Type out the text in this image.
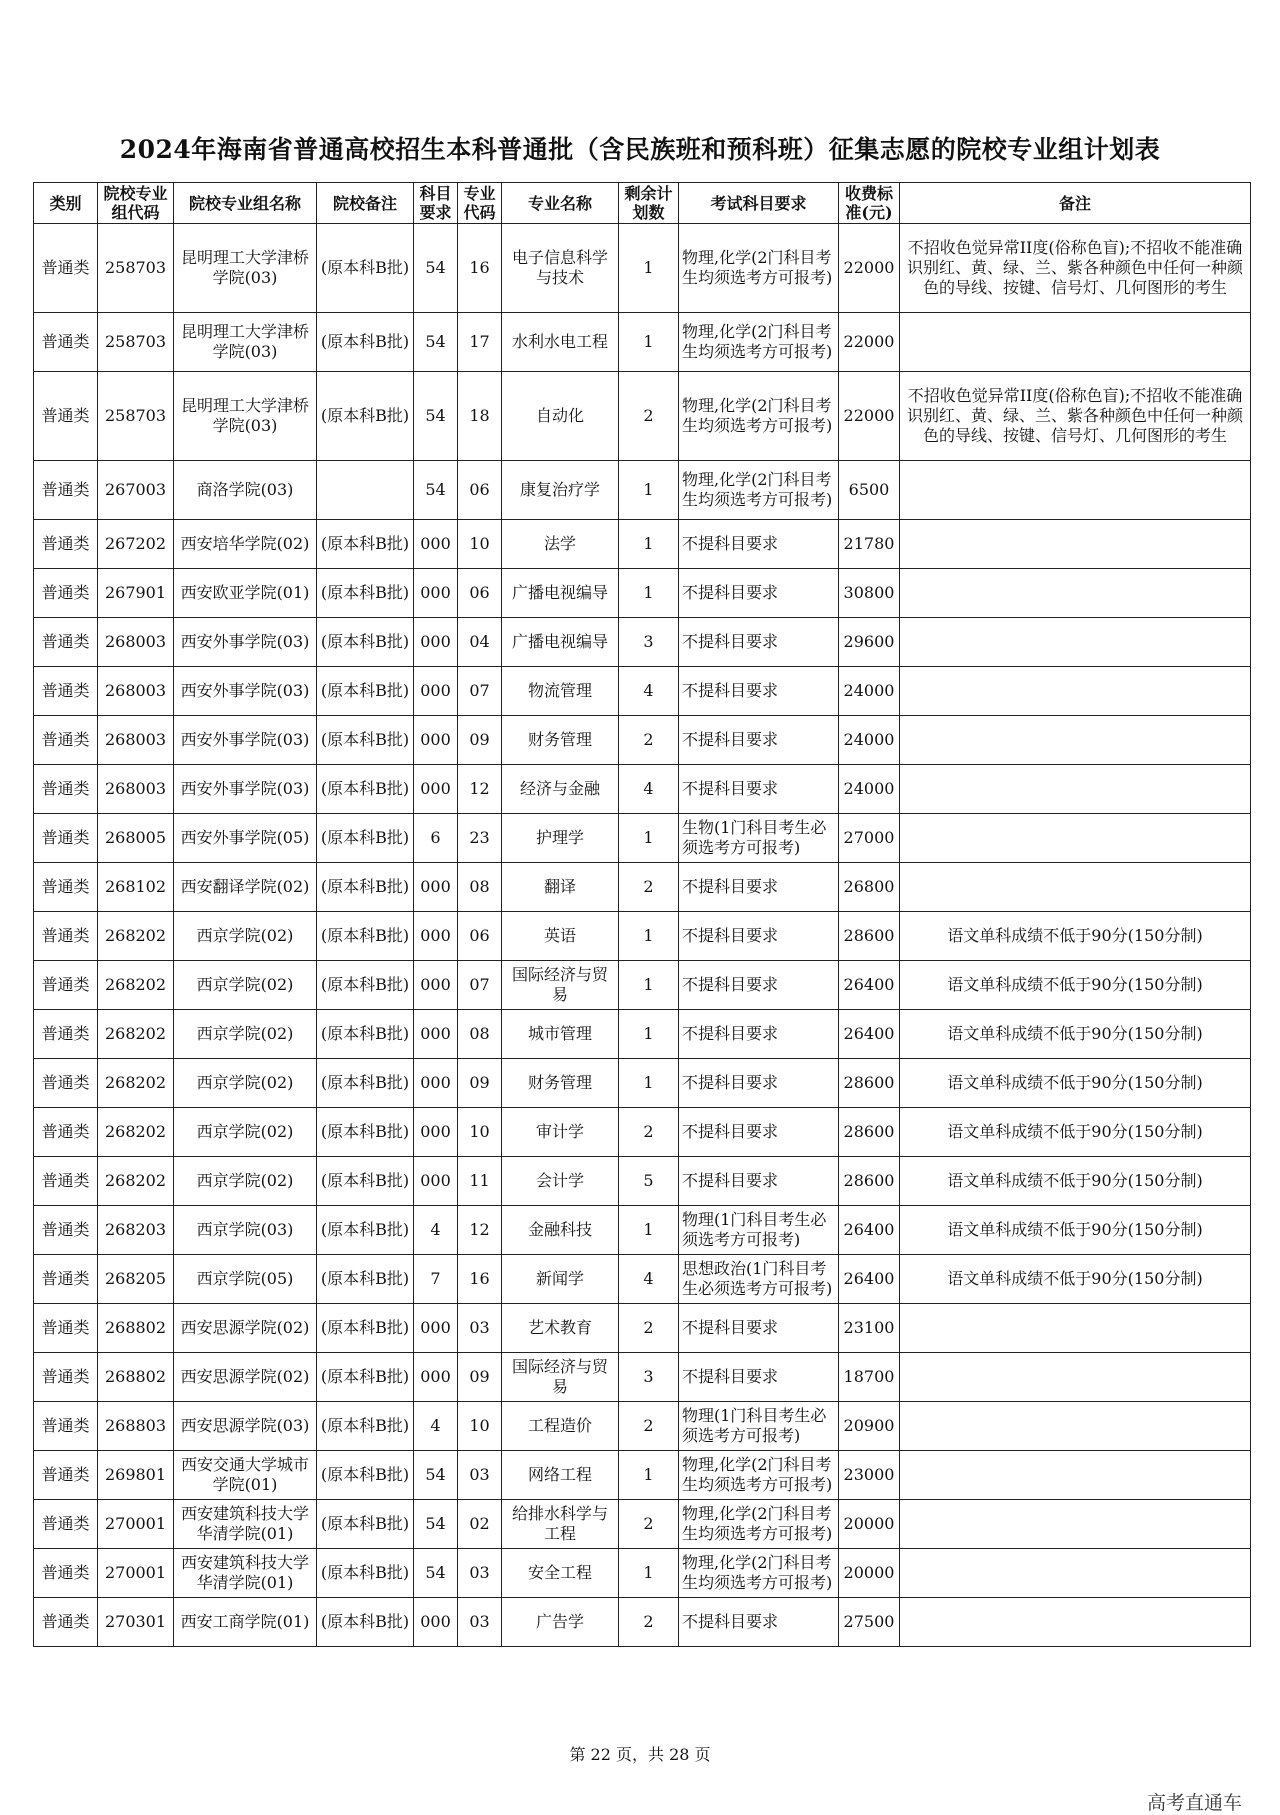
2024年海南省普通高校招生本科普通批（含民族班和预科班）征集志愿的院校专业组计划表
类别	院校专业组代码	院校专业组名称	院校备注	科目要求	专业代码	专业名称	剩余计划数	考试科目要求	收费标准(元)	备注
普通类	258703	昆明理工大学津桥学院(03)	(原本科B批)	54	16	电子信息科学与技术	1	物理,化学(2门科目考生均须选考方可报考)	22000	不招收色觉异常II度(俗称色盲);不招收不能准确识别红、黄、绿、兰、紫各种颜色中任何一种颜色的导线、按键、信号灯、几何图形的考生
普通类	258703	昆明理工大学津桥学院(03)	(原本科B批)	54	17	水利水电工程	1	物理,化学(2门科目考生均须选考方可报考)	22000	
普通类	258703	昆明理工大学津桥学院(03)	(原本科B批)	54	18	自动化	2	物理,化学(2门科目考生均须选考方可报考)	22000	不招收色觉异常II度(俗称色盲);不招收不能准确识别红、黄、绿、兰、紫各种颜色中任何一种颜色的导线、按键、信号灯、几何图形的考生
普通类	267003	商洛学院(03)		54	06	康复治疗学	1	物理,化学(2门科目考生均须选考方可报考)	6500	
普通类	267202	西安培华学院(02)	(原本科B批)	000	10	法学	1	不提科目要求	21780	
普通类	267901	西安欧亚学院(01)	(原本科B批)	000	06	广播电视编导	1	不提科目要求	30800	
普通类	268003	西安外事学院(03)	(原本科B批)	000	04	广播电视编导	3	不提科目要求	29600	
普通类	268003	西安外事学院(03)	(原本科B批)	000	07	物流管理	4	不提科目要求	24000	
普通类	268003	西安外事学院(03)	(原本科B批)	000	09	财务管理	2	不提科目要求	24000	
普通类	268003	西安外事学院(03)	(原本科B批)	000	12	经济与金融	4	不提科目要求	24000	
普通类	268005	西安外事学院(05)	(原本科B批)	6	23	护理学	1	生物(1门科目考生必须选考方可报考)	27000	
普通类	268102	西安翻译学院(02)	(原本科B批)	000	08	翻译	2	不提科目要求	26800	
普通类	268202	西京学院(02)	(原本科B批)	000	06	英语	1	不提科目要求	28600	语文单科成绩不低于90分(150分制)
普通类	268202	西京学院(02)	(原本科B批)	000	07	国际经济与贸易	1	不提科目要求	26400	语文单科成绩不低于90分(150分制)
普通类	268202	西京学院(02)	(原本科B批)	000	08	城市管理	1	不提科目要求	26400	语文单科成绩不低于90分(150分制)
普通类	268202	西京学院(02)	(原本科B批)	000	09	财务管理	1	不提科目要求	28600	语文单科成绩不低于90分(150分制)
普通类	268202	西京学院(02)	(原本科B批)	000	10	审计学	2	不提科目要求	28600	语文单科成绩不低于90分(150分制)
普通类	268202	西京学院(02)	(原本科B批)	000	11	会计学	5	不提科目要求	28600	语文单科成绩不低于90分(150分制)
普通类	268203	西京学院(03)	(原本科B批)	4	12	金融科技	1	物理(1门科目考生必须选考方可报考)	26400	语文单科成绩不低于90分(150分制)
普通类	268205	西京学院(05)	(原本科B批)	7	16	新闻学	4	思想政治(1门科目考生必须选考方可报考)	26400	语文单科成绩不低于90分(150分制)
普通类	268802	西安思源学院(02)	(原本科B批)	000	03	艺术教育	2	不提科目要求	23100	
普通类	268802	西安思源学院(02)	(原本科B批)	000	09	国际经济与贸易	3	不提科目要求	18700	
普通类	268803	西安思源学院(03)	(原本科B批)	4	10	工程造价	2	物理(1门科目考生必须选考方可报考)	20900	
普通类	269801	西安交通大学城市学院(01)	(原本科B批)	54	03	网络工程	1	物理,化学(2门科目考生均须选考方可报考)	23000	
普通类	270001	西安建筑科技大学华清学院(01)	(原本科B批)	54	02	给排水科学与工程	2	物理,化学(2门科目考生均须选考方可报考)	20000	
普通类	270001	西安建筑科技大学华清学院(01)	(原本科B批)	54	03	安全工程	1	物理,化学(2门科目考生均须选考方可报考)	20000	
普通类	270301	西安工商学院(01)	(原本科B批)	000	03	广告学	2	不提科目要求	27500	
第 22 页，共 28 页
高考直通车
